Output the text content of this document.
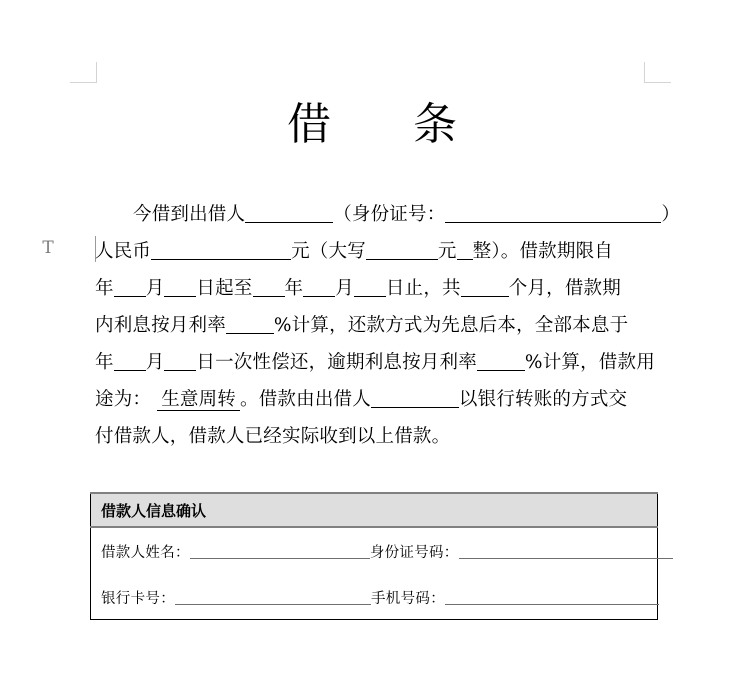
T
借     条
今借到出借人	（身份证号：	）
人民币	元（大写	元 整）。借款期限自
年 月 日起至 年 月 日止，共	个月，借款期
内利息按月利率	%计算，还款方式为先息后本，全部本息于
年 月 日一次性偿还，逾期利息按月利率	%计算，借款用
途为： 生意周转 。借款由出借人	以银行转账的方式交
付借款人，借款人已经实际收到以上借款。
借款人信息确认
借款人姓名：	身份证号码：
银行卡号：	手机号码：
